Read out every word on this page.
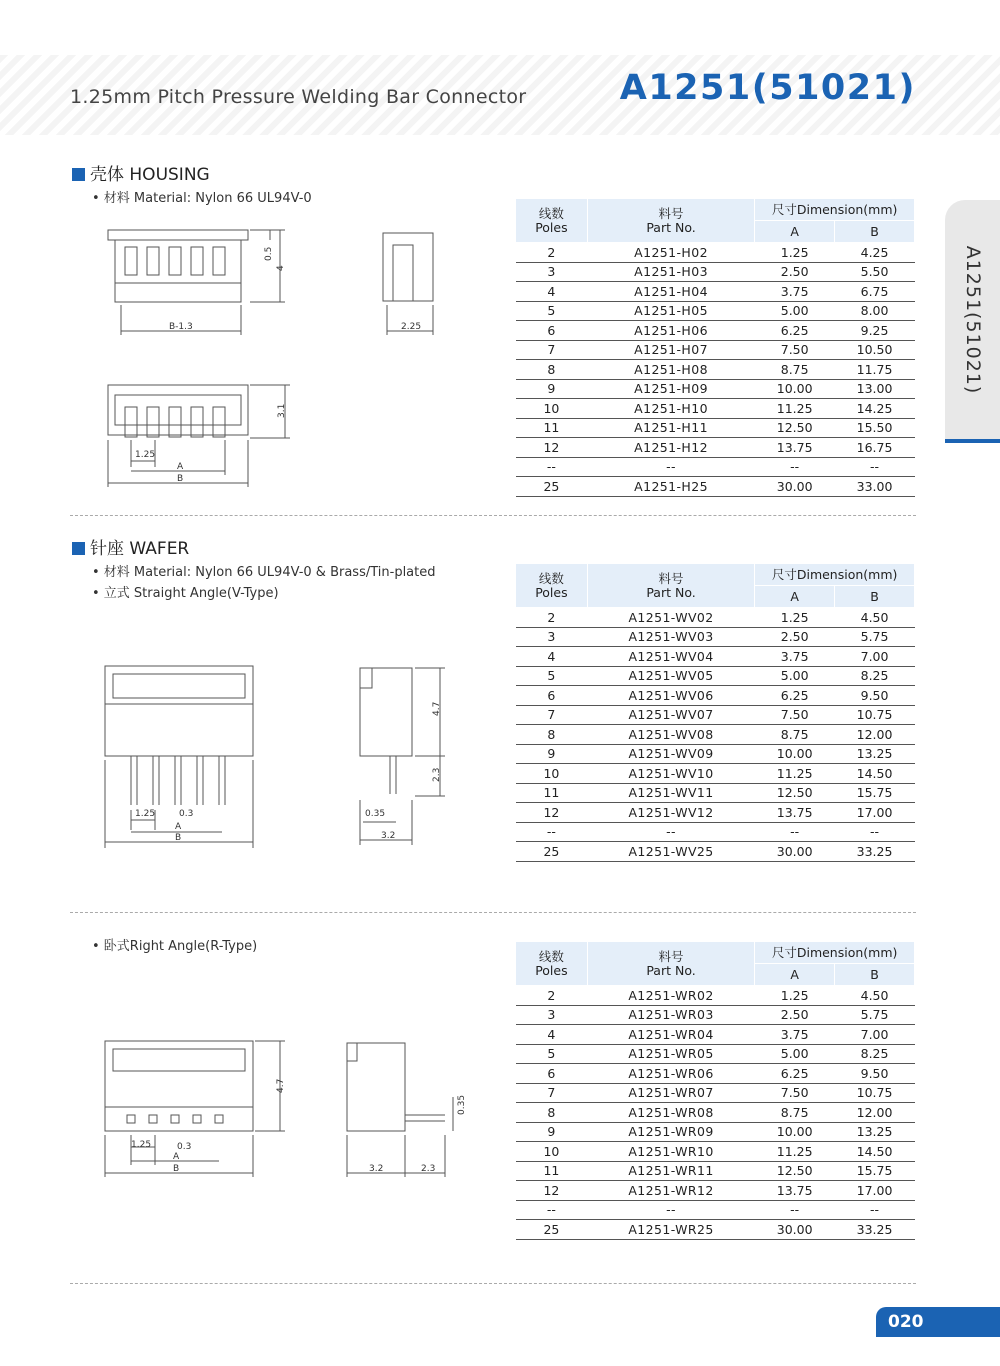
1.25mm Pitch Pressure Welding Bar Connector	A1251(51021)
A1251(51021)
壳体 HOUSING
• 材料 Material: Nylon 66 UL94V-0
0.5
4
B-1.3	2.25
3.1
1.25
A
B
线数
Poles	料号
Part No.	尺寸Dimension(mm)	
		A	B
2	A1251-H02	1.25	4.25
3	A1251-H03	2.50	5.50
4	A1251-H04	3.75	6.75
5	A1251-H05	5.00	8.00
6	A1251-H06	6.25	9.25
7	A1251-H07	7.50	10.50
8	A1251-H08	8.75	11.75
9	A1251-H09	10.00	13.00
10	A1251-H10	11.25	14.25
11	A1251-H11	12.50	15.50
12	A1251-H12	13.75	16.75
--	--	--	--
25	A1251-H25	30.00	33.00
针座 WAFER
• 材料 Material: Nylon 66 UL94V-0 & Brass/Tin-plated
• 立式 Straight Angle(V-Type)
1.25	0.3
A
B
4.7
2.3
0.35
3.2
线数
Poles	料号
Part No.	尺寸Dimension(mm)	
		A	B
2	A1251-WV02	1.25	4.50
3	A1251-WV03	2.50	5.75
4	A1251-WV04	3.75	7.00
5	A1251-WV05	5.00	8.25
6	A1251-WV06	6.25	9.50
7	A1251-WV07	7.50	10.75
8	A1251-WV08	8.75	12.00
9	A1251-WV09	10.00	13.25
10	A1251-WV10	11.25	14.50
11	A1251-WV11	12.50	15.75
12	A1251-WV12	13.75	17.00
--	--	--	--
25	A1251-WV25	30.00	33.25
• 卧式Right Angle(R-Type)
1.25	0.3
A
B
4.7
0.35
3.2	2.3
线数
Poles	料号
Part No.	尺寸Dimension(mm)	
		A	B
2	A1251-WR02	1.25	4.50
3	A1251-WR03	2.50	5.75
4	A1251-WR04	3.75	7.00
5	A1251-WR05	5.00	8.25
6	A1251-WR06	6.25	9.50
7	A1251-WR07	7.50	10.75
8	A1251-WR08	8.75	12.00
9	A1251-WR09	10.00	13.25
10	A1251-WR10	11.25	14.50
11	A1251-WR11	12.50	15.75
12	A1251-WR12	13.75	17.00
--	--	--	--
25	A1251-WR25	30.00	33.25
020
